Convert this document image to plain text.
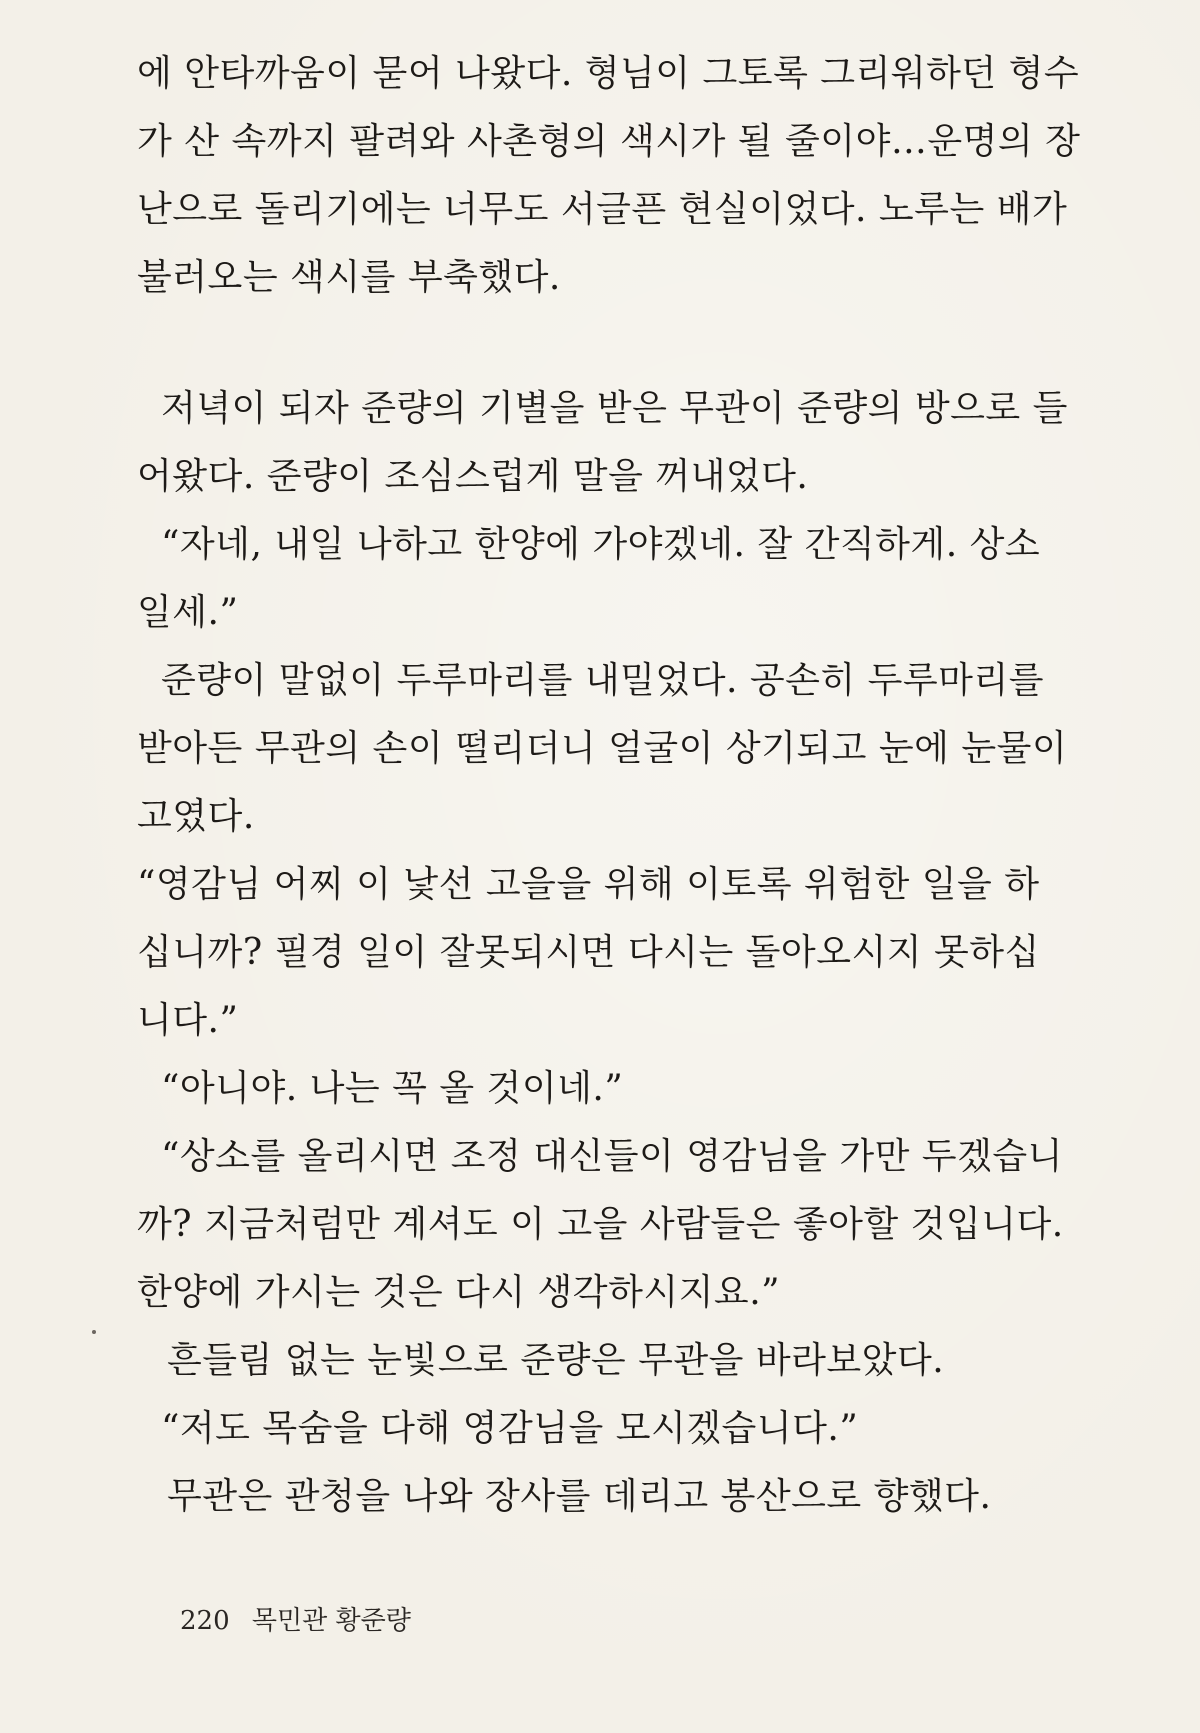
에 안타까움이 묻어 나왔다. 형님이 그토록 그리워하던 형수
가 산 속까지 팔려와 사촌형의 색시가 될 줄이야…운명의 장
난으로 돌리기에는 너무도 서글픈 현실이었다. 노루는 배가
불러오는 색시를 부축했다.
저녁이 되자 준량의 기별을 받은 무관이 준량의 방으로 들
어왔다. 준량이 조심스럽게 말을 꺼내었다.
“자네, 내일 나하고 한양에 가야겠네. 잘 간직하게. 상소
일세.”
준량이 말없이 두루마리를 내밀었다. 공손히 두루마리를
받아든 무관의 손이 떨리더니 얼굴이 상기되고 눈에 눈물이
고였다.
“영감님 어찌 이 낯선 고을을 위해 이토록 위험한 일을 하
십니까? 필경 일이 잘못되시면 다시는 돌아오시지 못하십
니다.”
“아니야. 나는 꼭 올 것이네.”
“상소를 올리시면 조정 대신들이 영감님을 가만 두겠습니
까? 지금처럼만 계셔도 이 고을 사람들은 좋아할 것입니다.
한양에 가시는 것은 다시 생각하시지요.”
흔들림 없는 눈빛으로 준량은 무관을 바라보았다.
“저도 목숨을 다해 영감님을 모시겠습니다.”
무관은 관청을 나와 장사를 데리고 봉산으로 향했다.
220 목민관 황준량
